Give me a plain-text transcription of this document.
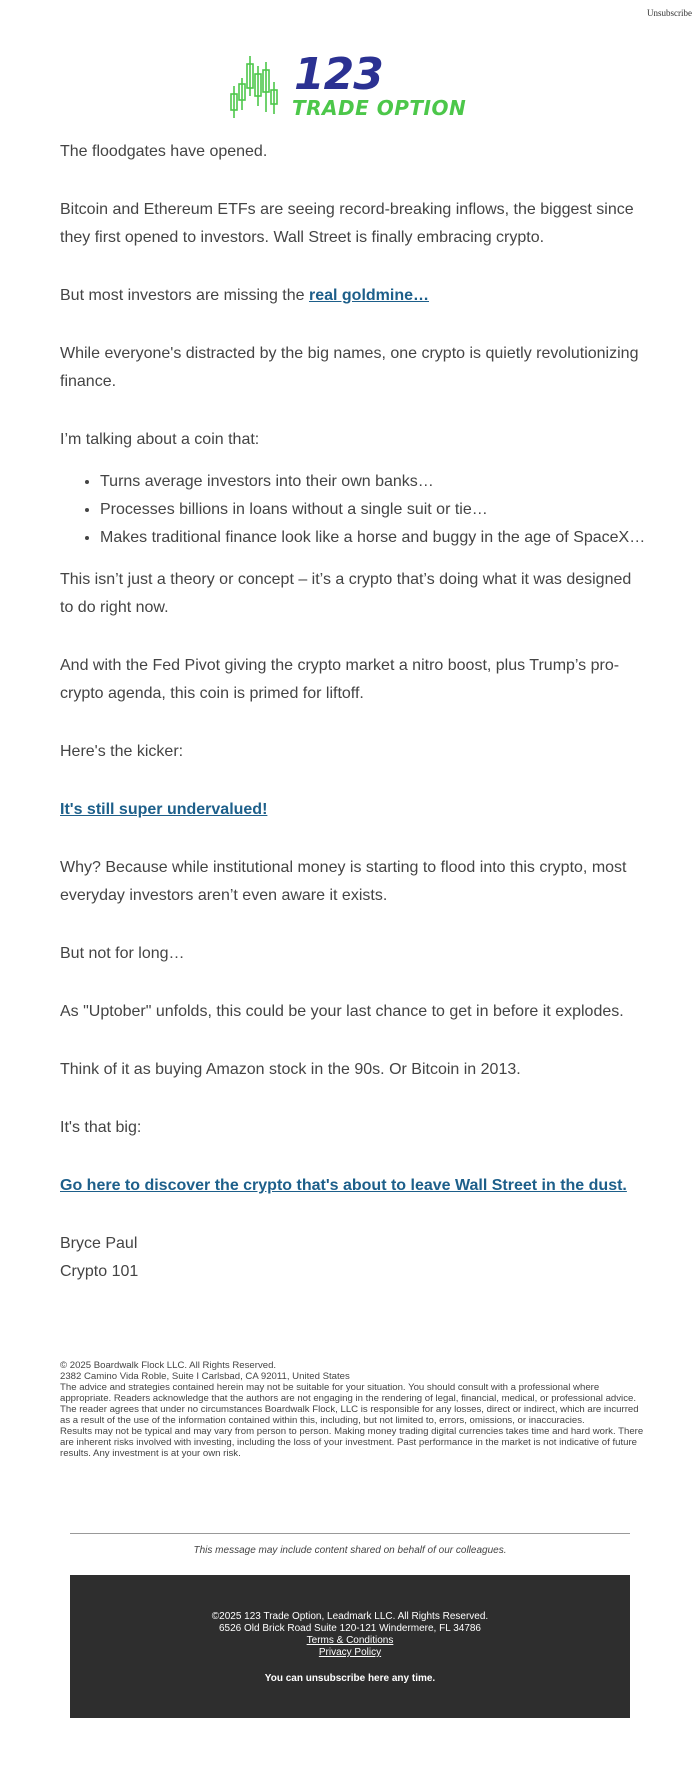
Unsubscribe
123
TRADE OPTION

The floodgates have opened.

Bitcoin and Ethereum ETFs are seeing record-breaking inflows, the biggest since they first opened to investors. Wall Street is finally embracing crypto.

But most investors are missing the real goldmine…

While everyone's distracted by the big names, one crypto is quietly revolutionizing finance.

I’m talking about a coin that:

• Turns average investors into their own banks…
• Processes billions in loans without a single suit or tie…
• Makes traditional finance look like a horse and buggy in the age of SpaceX…

This isn’t just a theory or concept – it’s a crypto that’s doing what it was designed to do right now.

And with the Fed Pivot giving the crypto market a nitro boost, plus Trump’s pro-crypto agenda, this coin is primed for liftoff.

Here's the kicker:

It's still super undervalued!

Why? Because while institutional money is starting to flood into this crypto, most everyday investors aren’t even aware it exists.

But not for long…

As "Uptober" unfolds, this could be your last chance to get in before it explodes.

Think of it as buying Amazon stock in the 90s. Or Bitcoin in 2013.

It's that big:

Go here to discover the crypto that's about to leave Wall Street in the dust.

Bryce Paul

Crypto 101

© 2025 Boardwalk Flock LLC. All Rights Reserved.
2382 Camino Vida Roble, Suite I Carlsbad, CA 92011, United States
The advice and strategies contained herein may not be suitable for your situation. You should consult with a professional where appropriate. Readers acknowledge that the authors are not engaging in the rendering of legal, financial, medical, or professional advice. The reader agrees that under no circumstances Boardwalk Flock, LLC is responsible for any losses, direct or indirect, which are incurred as a result of the use of the information contained within this, including, but not limited to, errors, omissions, or inaccuracies.
Results may not be typical and may vary from person to person. Making money trading digital currencies takes time and hard work. There are inherent risks involved with investing, including the loss of your investment. Past performance in the market is not indicative of future results. Any investment is at your own risk.
This message may include content shared on behalf of our colleagues.
©2025 123 Trade Option, Leadmark LLC. All Rights Reserved.
6526 Old Brick Road Suite 120-121 Windermere, FL 34786
Terms & Conditions
Privacy Policy
You can unsubscribe here any time.
